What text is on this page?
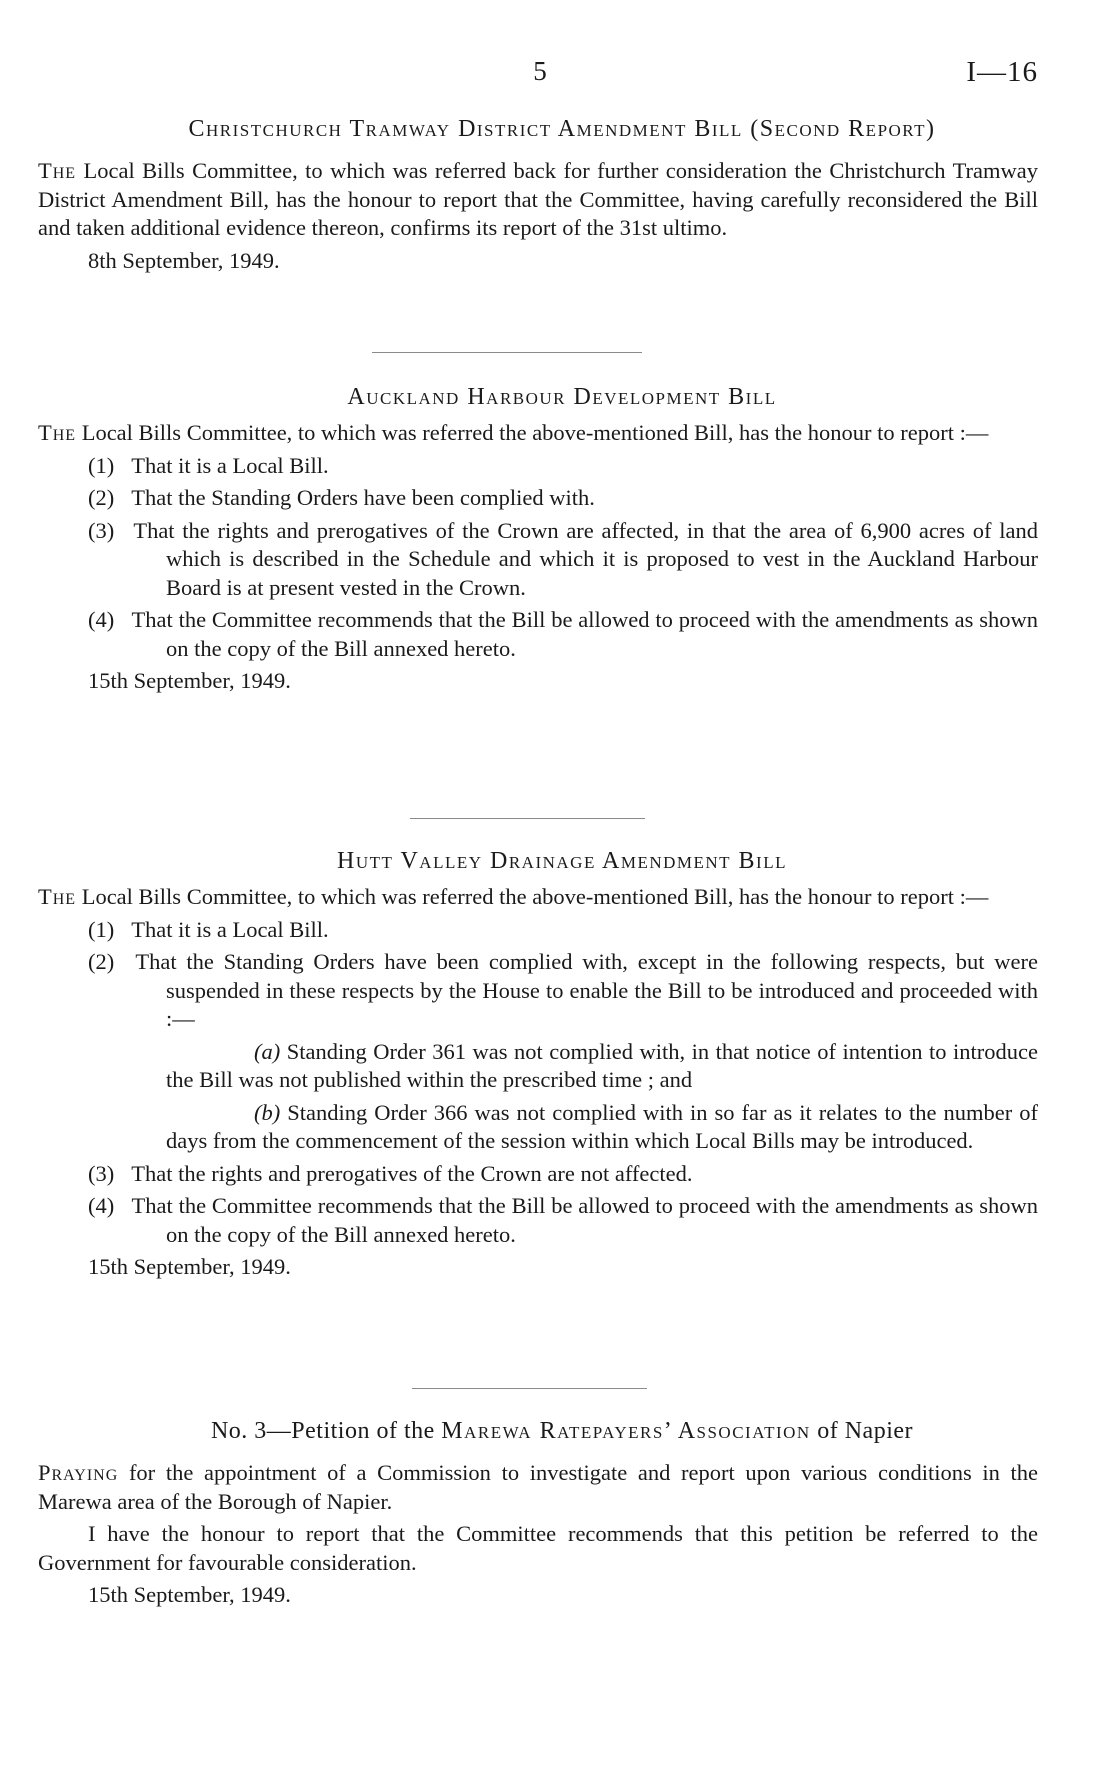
5	I—16

Christchurch Tramway District Amendment Bill (Second Report)

The Local Bills Committee, to which was referred back for further consideration the Christchurch Tramway District Amendment Bill, has the honour to report that the Committee, having carefully reconsidered the Bill and taken additional evidence thereon, confirms its report of the 31st ultimo.

8th September, 1949.

Auckland Harbour Development Bill

The Local Bills Committee, to which was referred the above-mentioned Bill, has the honour to report :—

(1) That it is a Local Bill.

(2) That the Standing Orders have been complied with.

(3) That the rights and prerogatives of the Crown are affected, in that the area of 6,900 acres of land which is described in the Schedule and which it is proposed to vest in the Auckland Harbour Board is at present vested in the Crown.

(4) That the Committee recommends that the Bill be allowed to proceed with the amendments as shown on the copy of the Bill annexed hereto.

15th September, 1949.

Hutt Valley Drainage Amendment Bill

The Local Bills Committee, to which was referred the above-mentioned Bill, has the honour to report :—

(1) That it is a Local Bill.

(2) That the Standing Orders have been complied with, except in the following respects, but were suspended in these respects by the House to enable the Bill to be introduced and proceeded with :—

(a) Standing Order 361 was not complied with, in that notice of intention to introduce the Bill was not published within the prescribed time ; and

(b) Standing Order 366 was not complied with in so far as it relates to the number of days from the commencement of the session within which Local Bills may be introduced.

(3) That the rights and prerogatives of the Crown are not affected.

(4) That the Committee recommends that the Bill be allowed to proceed with the amendments as shown on the copy of the Bill annexed hereto.

15th September, 1949.

No. 3—Petition of the Marewa Ratepayers’ Association of Napier

Praying for the appointment of a Commission to investigate and report upon various conditions in the Marewa area of the Borough of Napier.

I have the honour to report that the Committee recommends that this petition be referred to the Government for favourable consideration.

15th September, 1949.
